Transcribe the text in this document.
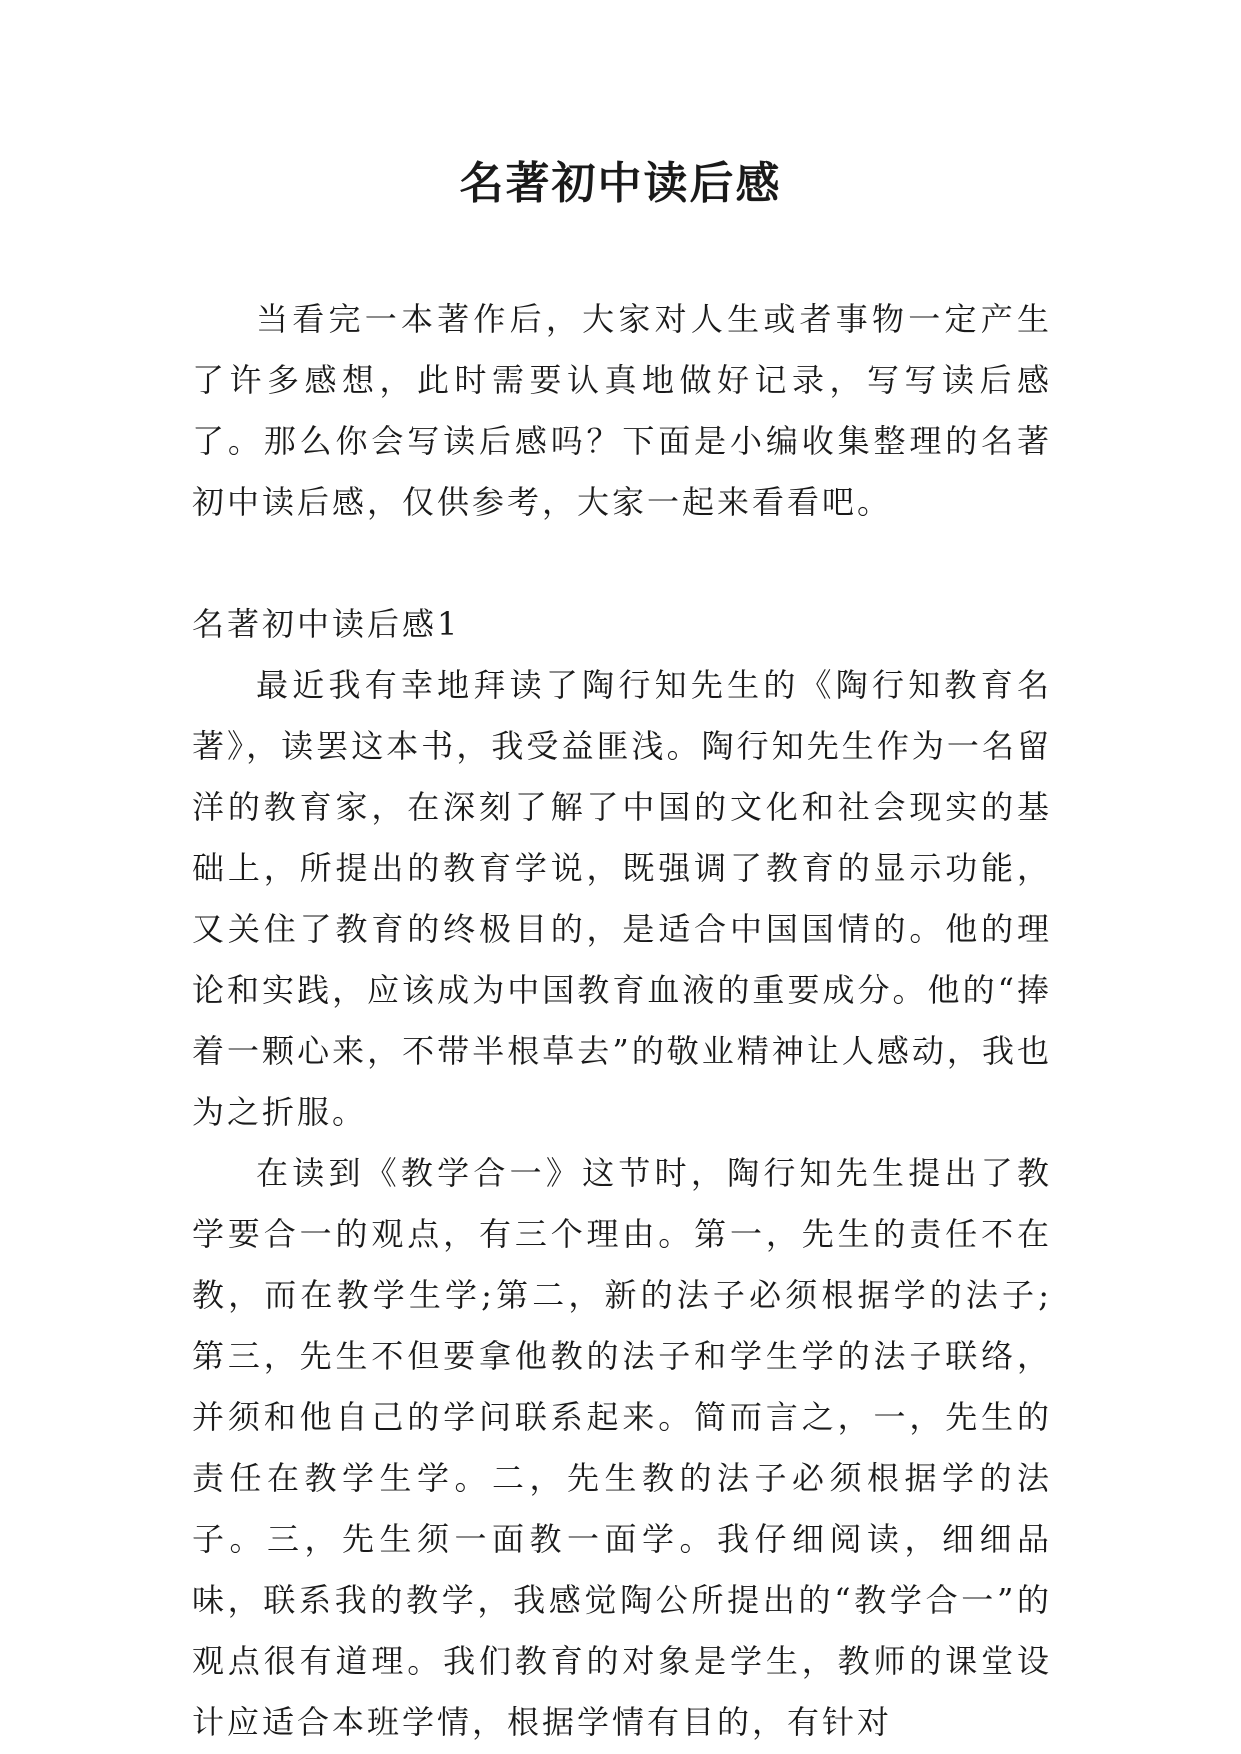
名著初中读后感

当看完一本著作后，大家对人生或者事物一定产生了许多感想，此时需要认真地做好记录，写写读后感了。那么你会写读后感吗？下面是小编收集整理的名著初中读后感，仅供参考，大家一起来看看吧。

名著初中读后感1

最近我有幸地拜读了陶行知先生的《陶行知教育名著》，读罢这本书，我受益匪浅。陶行知先生作为一名留洋的教育家，在深刻了解了中国的文化和社会现实的基础上，所提出的教育学说，既强调了教育的显示功能，又关住了教育的终极目的，是适合中国国情的。他的理论和实践，应该成为中国教育血液的重要成分。他的“捧着一颗心来，不带半根草去”的敬业精神让人感动，我也为之折服。

在读到《教学合一》这节时，陶行知先生提出了教学要合一的观点，有三个理由。第一，先生的责任不在教，而在教学生学;第二，新的法子必须根据学的法子;第三，先生不但要拿他教的法子和学生学的法子联络，并须和他自己的学问联系起来。简而言之，一，先生的责任在教学生学。二，先生教的法子必须根据学的法子。三，先生须一面教一面学。我仔细阅读，细细品味，联系我的教学，我感觉陶公所提出的“教学合一”的观点很有道理。我们教育的对象是学生，教师的课堂设计应适合本班学情，根据学情有目的，有针对
